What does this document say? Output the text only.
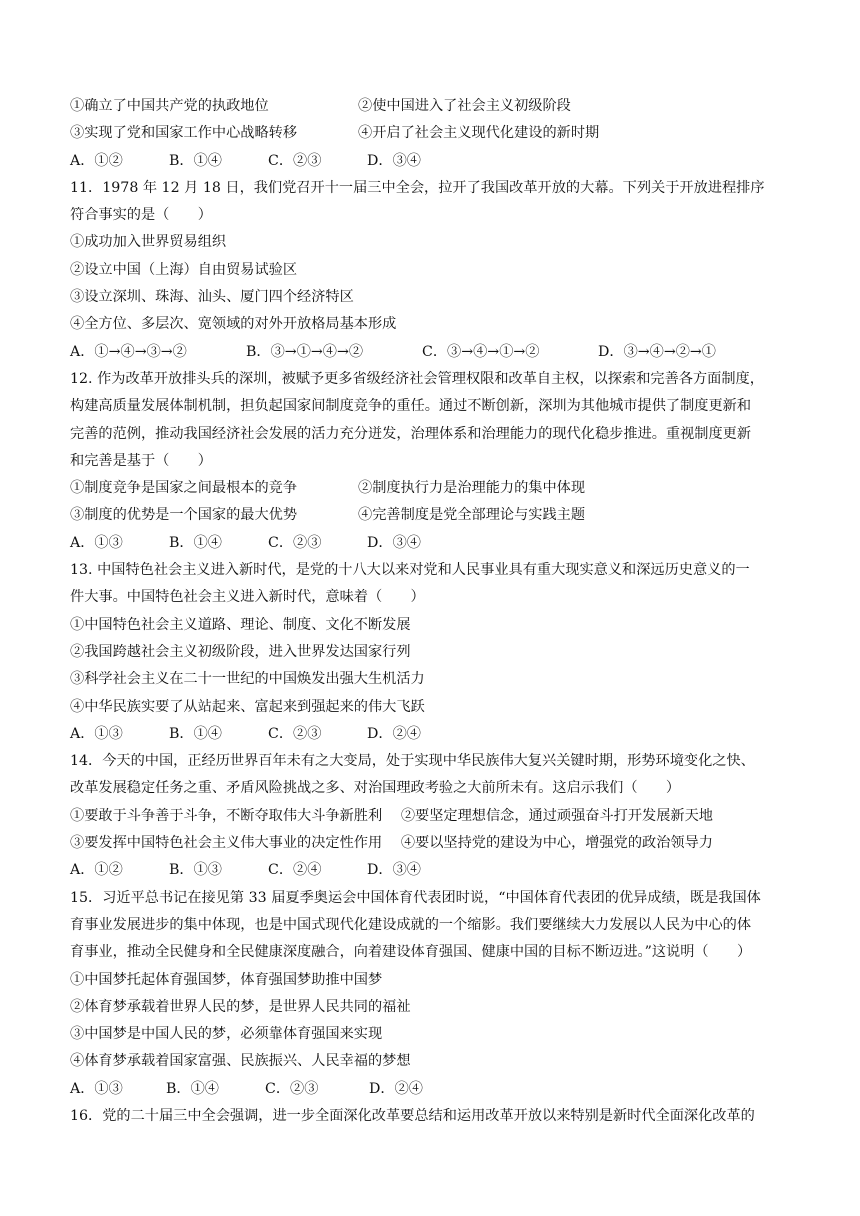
①确立了中国共产党的执政地位	②使中国进入了社会主义初级阶段
③实现了党和国家工作中心战略转移	④开启了社会主义现代化建设的新时期
A．①②	B．①④	C．②③	D．③④
11．1978 年 12 月 18 日，我们党召开十一届三中全会，拉开了我国改革开放的大幕。下列关于开放进程排序
符合事实的是（　　）
①成功加入世界贸易组织
②设立中国（上海）自由贸易试验区
③设立深圳、珠海、汕头、厦门四个经济特区
④全方位、多层次、宽领域的对外开放格局基本形成
A．①→④→③→②	B．③→①→④→②	C．③→④→①→②	D．③→④→②→①
12. 作为改革开放排头兵的深圳，被赋予更多省级经济社会管理权限和改革自主权，以探索和完善各方面制度，
构建高质量发展体制机制，担负起国家间制度竞争的重任。通过不断创新，深圳为其他城市提供了制度更新和
完善的范例，推动我国经济社会发展的活力充分迸发，治理体系和治理能力的现代化稳步推进。重视制度更新
和完善是基于（　　）
①制度竞争是国家之间最根本的竞争	②制度执行力是治理能力的集中体现
③制度的优势是一个国家的最大优势	④完善制度是党全部理论与实践主题
A．①③	B．①④	C．②③	D．③④
13. 中国特色社会主义进入新时代，是党的十八大以来对党和人民事业具有重大现实意义和深远历史意义的一
件大事。中国特色社会主义进入新时代，意味着（　　）
①中国特色社会主义道路、理论、制度、文化不断发展
②我国跨越社会主义初级阶段，进入世界发达国家行列
③科学社会主义在二十一世纪的中国焕发出强大生机活力
④中华民族实要了从站起来、富起来到强起来的伟大飞跃
A．①③	B．①④	C．②③	D．②④
14．今天的中国，正经历世界百年未有之大变局，处于实现中华民族伟大复兴关键时期，形势环境变化之快、
改革发展稳定任务之重、矛盾风险挑战之多、对治国理政考验之大前所未有。这启示我们（　　）
①要敢于斗争善于斗争，不断夺取伟大斗争新胜利　 ②要坚定理想信念，通过顽强奋斗打开发展新天地
③要发挥中国特色社会主义伟大事业的决定性作用　 ④要以坚持党的建设为中心，增强党的政治领导力
A．①②	B．①③	C．②④	D．③④
15．习近平总书记在接见第 33 届夏季奥运会中国体育代表团时说，“中国体育代表团的优异成绩，既是我国体
育事业发展进步的集中体现，也是中国式现代化建设成就的一个缩影。我们要继续大力发展以人民为中心的体
育事业，推动全民健身和全民健康深度融合，向着建设体育强国、健康中国的目标不断迈进。”这说明（　　）
①中国梦托起体育强国梦，体育强国梦助推中国梦
②体育梦承载着世界人民的梦，是世界人民共同的福祉
③中国梦是中国人民的梦，必须靠体育强国来实现
④体育梦承载着国家富强、民族振兴、人民幸福的梦想
A．①③	B．①④	C．②③	D．②④
16．党的二十届三中全会强调，进一步全面深化改革要总结和运用改革开放以来特别是新时代全面深化改革的
